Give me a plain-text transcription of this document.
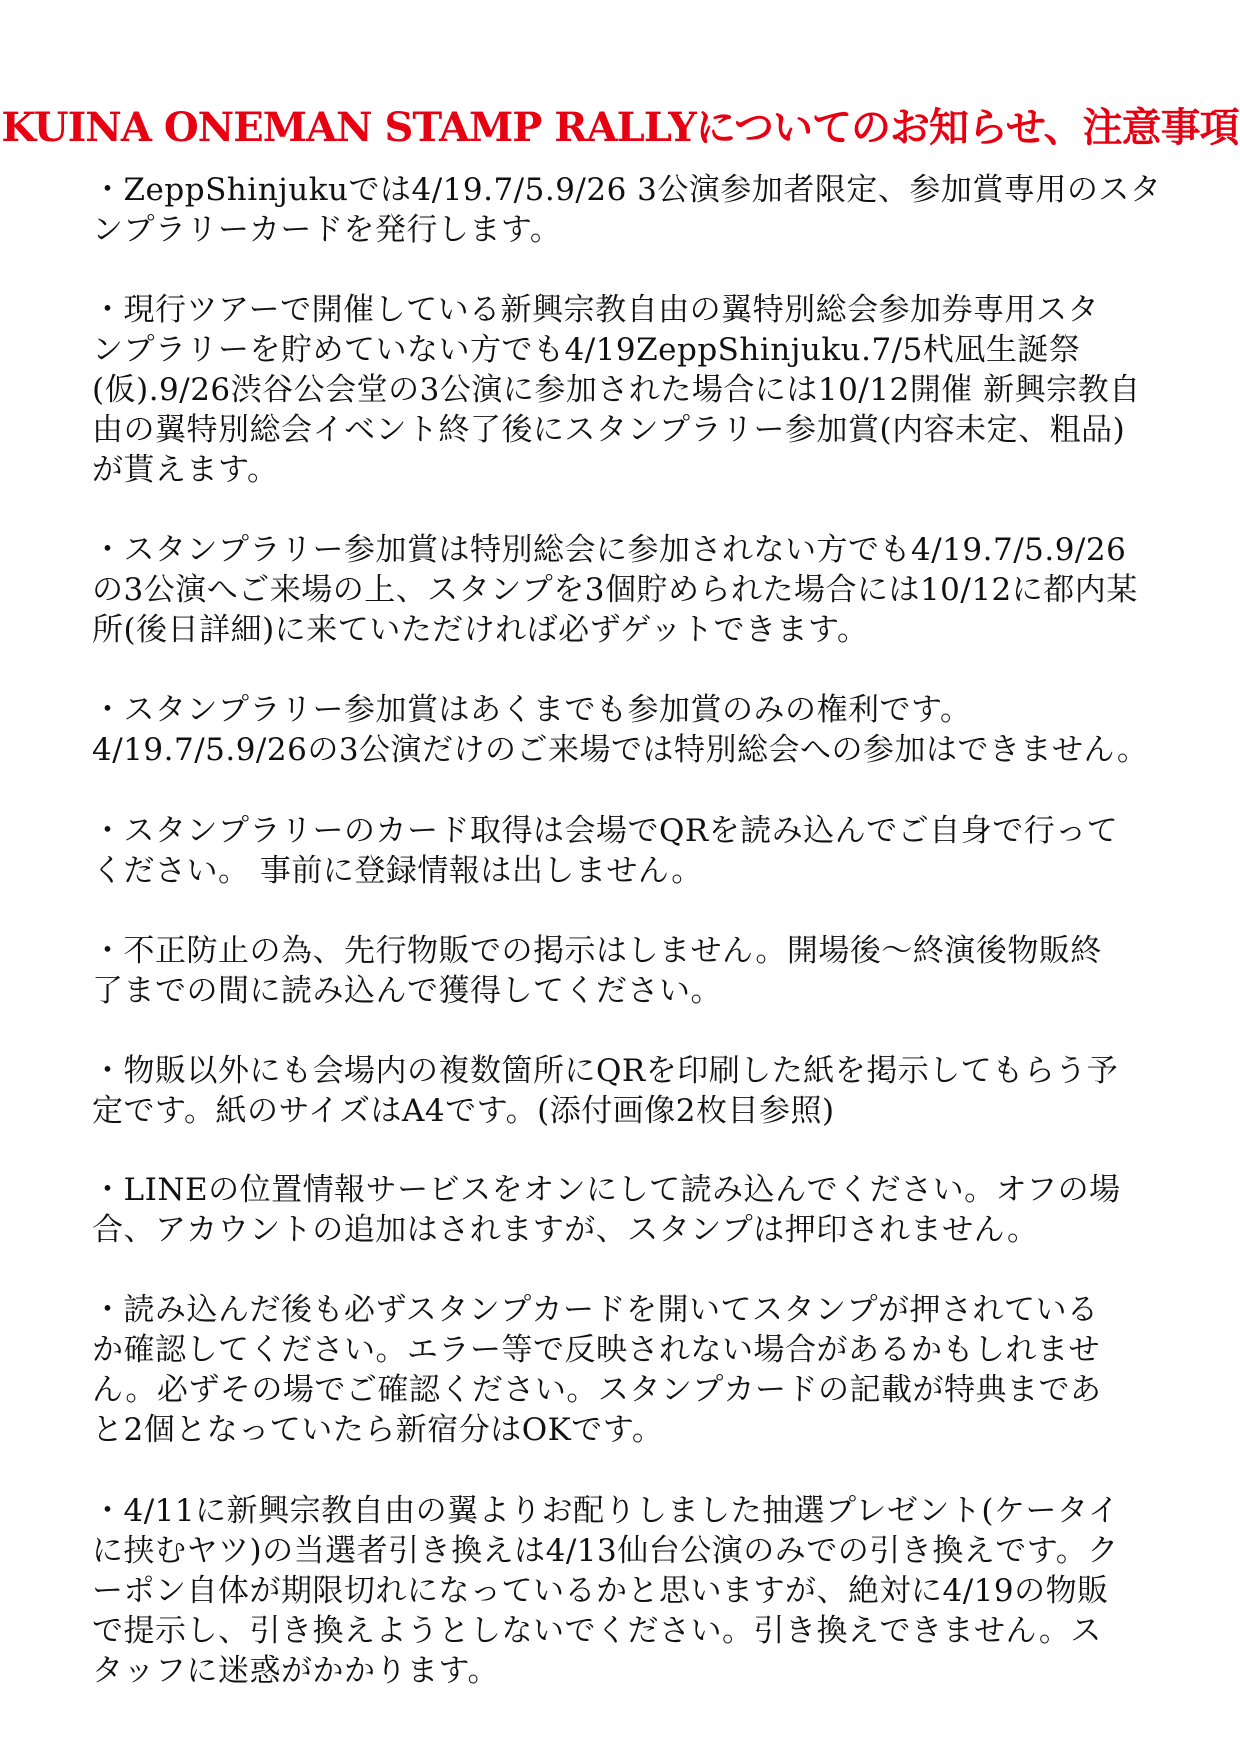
KUINA ONEMAN STAMP RALLYについてのお知らせ、注意事項

・ZeppShinjukuでは4/19.7/5.9/26 3公演参加者限定、参加賞専用のスタ
ンプラリーカードを発行します。

・現行ツアーで開催している新興宗教自由の翼特別総会参加券専用スタ
ンプラリーを貯めていない方でも4/19ZeppShinjuku.7/5杙凪生誕祭
(仮).9/26渋谷公会堂の3公演に参加された場合には10/12開催 新興宗教自
由の翼特別総会イベント終了後にスタンプラリー参加賞(内容未定、粗品)
が貰えます。

・スタンプラリー参加賞は特別総会に参加されない方でも4/19.7/5.9/26
の3公演へご来場の上、スタンプを3個貯められた場合には10/12に都内某
所(後日詳細)に来ていただければ必ずゲットできます。

・スタンプラリー参加賞はあくまでも参加賞のみの権利です。
4/19.7/5.9/26の3公演だけのご来場では特別総会への参加はできません。

・スタンプラリーのカード取得は会場でQRを読み込んでご自身で行って
ください。 事前に登録情報は出しません。

・不正防止の為、先行物販での掲示はしません。開場後〜終演後物販終
了までの間に読み込んで獲得してください。

・物販以外にも会場内の複数箇所にQRを印刷した紙を掲示してもらう予
定です。紙のサイズはA4です。(添付画像2枚目参照)

・LINEの位置情報サービスをオンにして読み込んでください。オフの場
合、アカウントの追加はされますが、スタンプは押印されません。

・読み込んだ後も必ずスタンプカードを開いてスタンプが押されている
か確認してください。エラー等で反映されない場合があるかもしれませ
ん。必ずその場でご確認ください。スタンプカードの記載が特典まであ
と2個となっていたら新宿分はOKです。

・4/11に新興宗教自由の翼よりお配りしました抽選プレゼント(ケータイ
に挟むヤツ)の当選者引き換えは4/13仙台公演のみでの引き換えです。ク
ーポン自体が期限切れになっているかと思いますが、絶対に4/19の物販
で提示し、引き換えようとしないでください。引き換えできません。ス
タッフに迷惑がかかります。
